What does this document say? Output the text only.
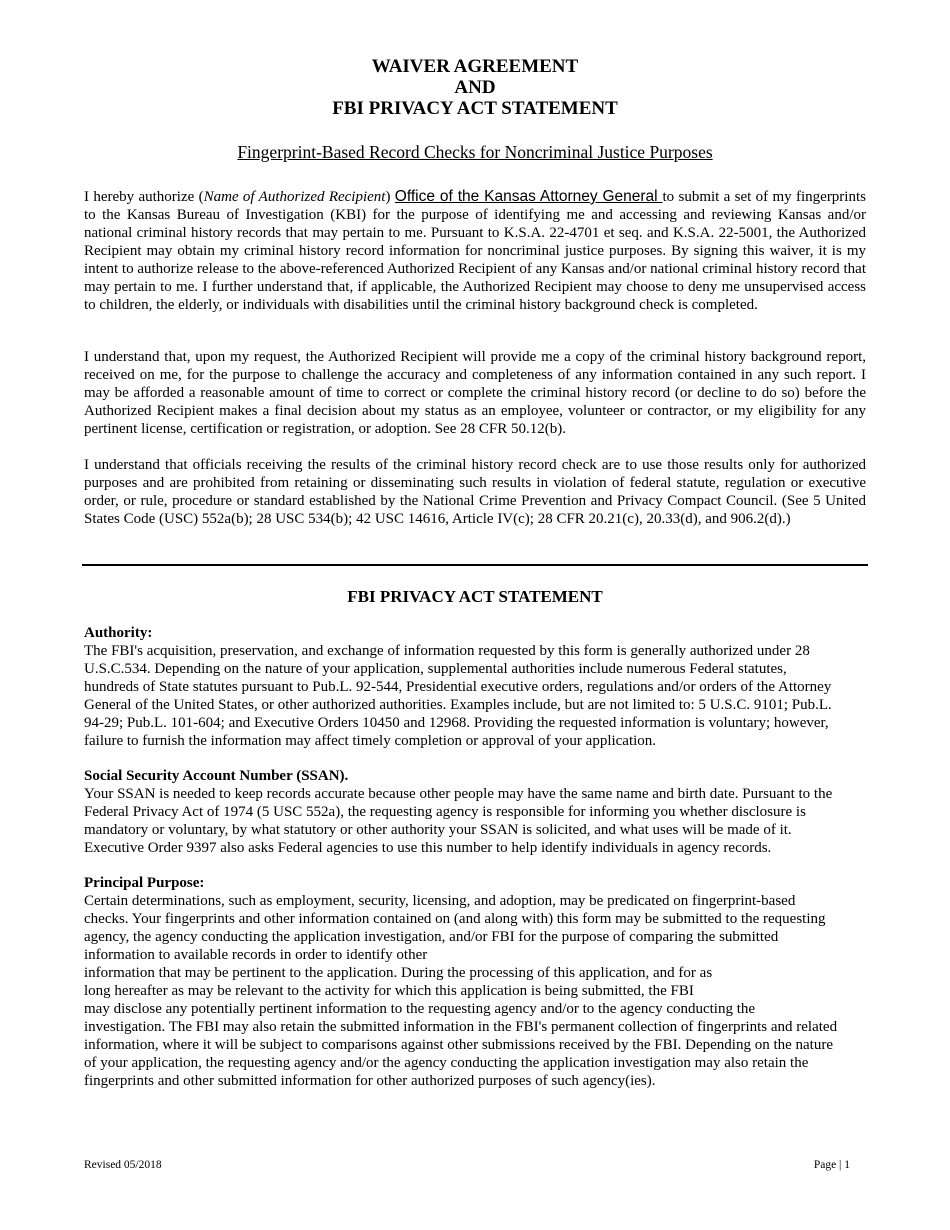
WAIVER AGREEMENT
AND
FBI PRIVACY ACT STATEMENT
Fingerprint-Based Record Checks for Noncriminal Justice Purposes
I hereby authorize (Name of Authorized Recipient) Office of the Kansas Attorney General to submit a set of my fingerprints to the Kansas Bureau of Investigation (KBI) for the purpose of identifying me and accessing and reviewing Kansas and/or national criminal history records that may pertain to me. Pursuant to K.S.A. 22-4701 et seq. and K.S.A. 22-5001, the Authorized Recipient may obtain my criminal history record information for noncriminal justice purposes. By signing this waiver, it is my intent to authorize release to the above-referenced Authorized Recipient of any Kansas and/or national criminal history record that may pertain to me. I further understand that, if applicable, the Authorized Recipient may choose to deny me unsupervised access to children, the elderly, or individuals with disabilities until the criminal history background check is completed.
I understand that, upon my request, the Authorized Recipient will provide me a copy of the criminal history background report, received on me, for the purpose to challenge the accuracy and completeness of any information contained in any such report. I may be afforded a reasonable amount of time to correct or complete the criminal history record (or decline to do so) before the Authorized Recipient makes a final decision about my status as an employee, volunteer or contractor, or my eligibility for any pertinent license, certification or registration, or adoption. See 28 CFR 50.12(b).
I understand that officials receiving the results of the criminal history record check are to use those results only for authorized purposes and are prohibited from retaining or disseminating such results in violation of federal statute, regulation or executive order, or rule, procedure or standard established by the National Crime Prevention and Privacy Compact Council. (See 5 United States Code (USC) 552a(b); 28 USC 534(b); 42 USC 14616, Article IV(c); 28 CFR 20.21(c), 20.33(d), and 906.2(d).)
FBI PRIVACY ACT STATEMENT
Authority:
The FBI's acquisition, preservation, and exchange of information requested by this form is generally authorized under 28
U.S.C.534. Depending on the nature of your application, supplemental authorities include numerous Federal statutes,
hundreds of State statutes pursuant to Pub.L. 92-544, Presidential executive orders, regulations and/or orders of the Attorney
General of the United States, or other authorized authorities. Examples include, but are not limited to: 5 U.S.C. 9101; Pub.L.
94-29; Pub.L. 101-604; and Executive Orders 10450 and 12968. Providing the requested information is voluntary; however,
failure to furnish the information may affect timely completion or approval of your application.
Social Security Account Number (SSAN).
Your SSAN is needed to keep records accurate because other people may have the same name and birth date. Pursuant to the
Federal Privacy Act of 1974 (5 USC 552a), the requesting agency is responsible for informing you whether disclosure is
mandatory or voluntary, by what statutory or other authority your SSAN is solicited, and what uses will be made of it.
Executive Order 9397 also asks Federal agencies to use this number to help identify individuals in agency records.
Principal Purpose:
Certain determinations, such as employment, security, licensing, and adoption, may be predicated on fingerprint-based
checks. Your fingerprints and other information contained on (and along with) this form may be submitted to the requesting
agency, the agency conducting the application investigation, and/or FBI for the purpose of comparing the submitted
information to available records in order to identify other
information that may be pertinent to the application. During the processing of this application, and for as
long hereafter as may be relevant to the activity for which this application is being submitted, the FBI
may disclose any potentially pertinent information to the requesting agency and/or to the agency conducting the
investigation. The FBI may also retain the submitted information in the FBI's permanent collection of fingerprints and related
information, where it will be subject to comparisons against other submissions received by the FBI. Depending on the nature
of your application, the requesting agency and/or the agency conducting the application investigation may also retain the
fingerprints and other submitted information for other authorized purposes of such agency(ies).
Revised 05/2018	Page | 1
